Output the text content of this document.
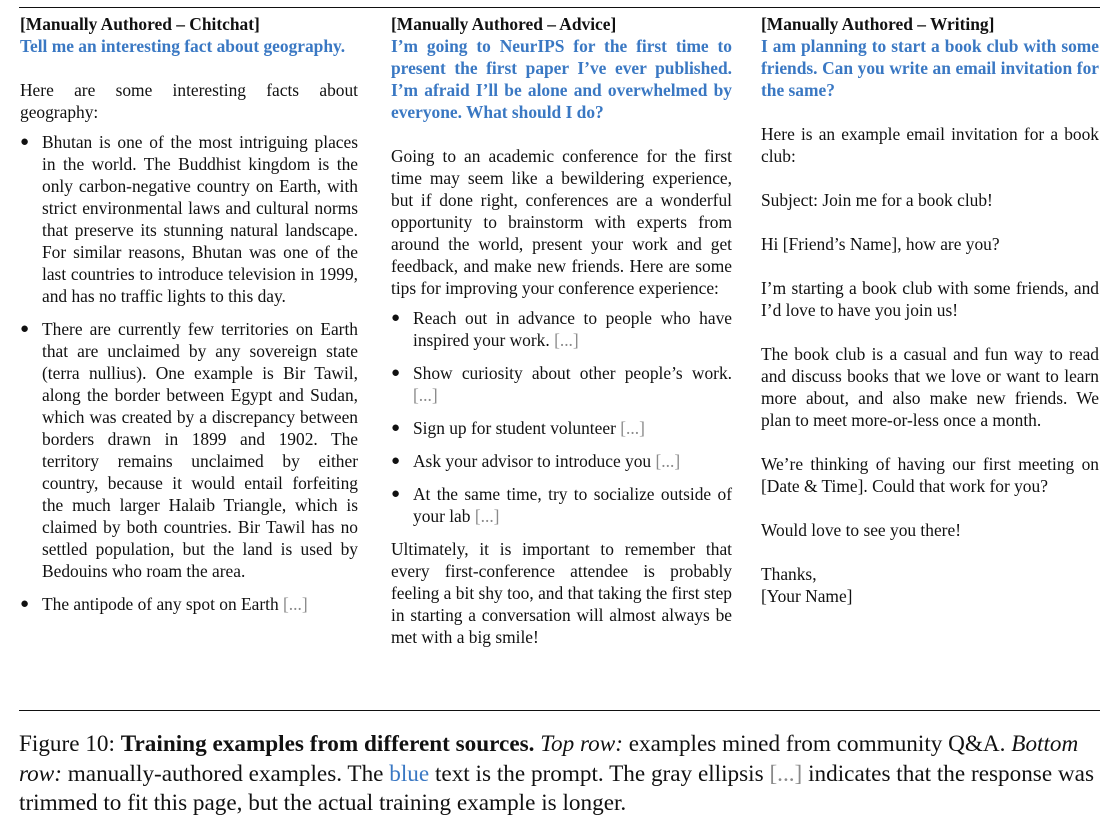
[Manually Authored – Chitchat]
Tell me an interesting fact about geography.

Here are some interesting facts about geography:

● Bhutan is one of the most intriguing places in the world. The Buddhist kingdom is the only carbon-negative country on Earth, with strict environmental laws and cultural norms that preserve its stunning natural landscape. For similar reasons, Bhutan was one of the last countries to introduce television in 1999, and has no traffic lights to this day.
● There are currently few territories on Earth that are unclaimed by any sovereign state (terra nullius). One example is Bir Tawil, along the border between Egypt and Sudan, which was created by a discrepancy between borders drawn in 1899 and 1902. The territory remains unclaimed by either country, because it would entail forfeiting the much larger Halaib Triangle, which is claimed by both countries. Bir Tawil has no settled population, but the land is used by Bedouins who roam the area.
● The antipode of any spot on Earth [...]
[Manually Authored – Advice]
I’m going to NeurIPS for the first time to present the first paper I’ve ever published. I’m afraid I’ll be alone and overwhelmed by everyone. What should I do?

Going to an academic conference for the first time may seem like a bewildering experience, but if done right, conferences are a wonderful opportunity to brainstorm with experts from around the world, present your work and get feedback, and make new friends. Here are some tips for improving your conference experience:

● Reach out in advance to people who have inspired your work. [...]
● Show curiosity about other people’s work. [...]
● Sign up for student volunteer [...]
● Ask your advisor to introduce you [...]
● At the same time, try to socialize outside of your lab [...]

Ultimately, it is important to remember that every first-conference attendee is probably feeling a bit shy too, and that taking the first step in starting a conversation will almost always be met with a big smile!

[Manually Authored – Writing]
I am planning to start a book club with some friends. Can you write an email invitation for the same?

Here is an example email invitation for a book club:

Subject: Join me for a book club!

Hi [Friend’s Name], how are you?

I’m starting a book club with some friends, and I’d love to have you join us!

The book club is a casual and fun way to read and discuss books that we love or want to learn more about, and also make new friends. We plan to meet more-or-less once a month.

We’re thinking of having our first meeting on [Date & Time]. Could that work for you?

Would love to see you there!

Thanks,

[Your Name]

Figure 10: Training examples from different sources. Top row: examples mined from community Q&A. Bottom row: manually-authored examples. The blue text is the prompt. The gray ellipsis [...] indicates that the response was trimmed to fit this page, but the actual training example is longer.
